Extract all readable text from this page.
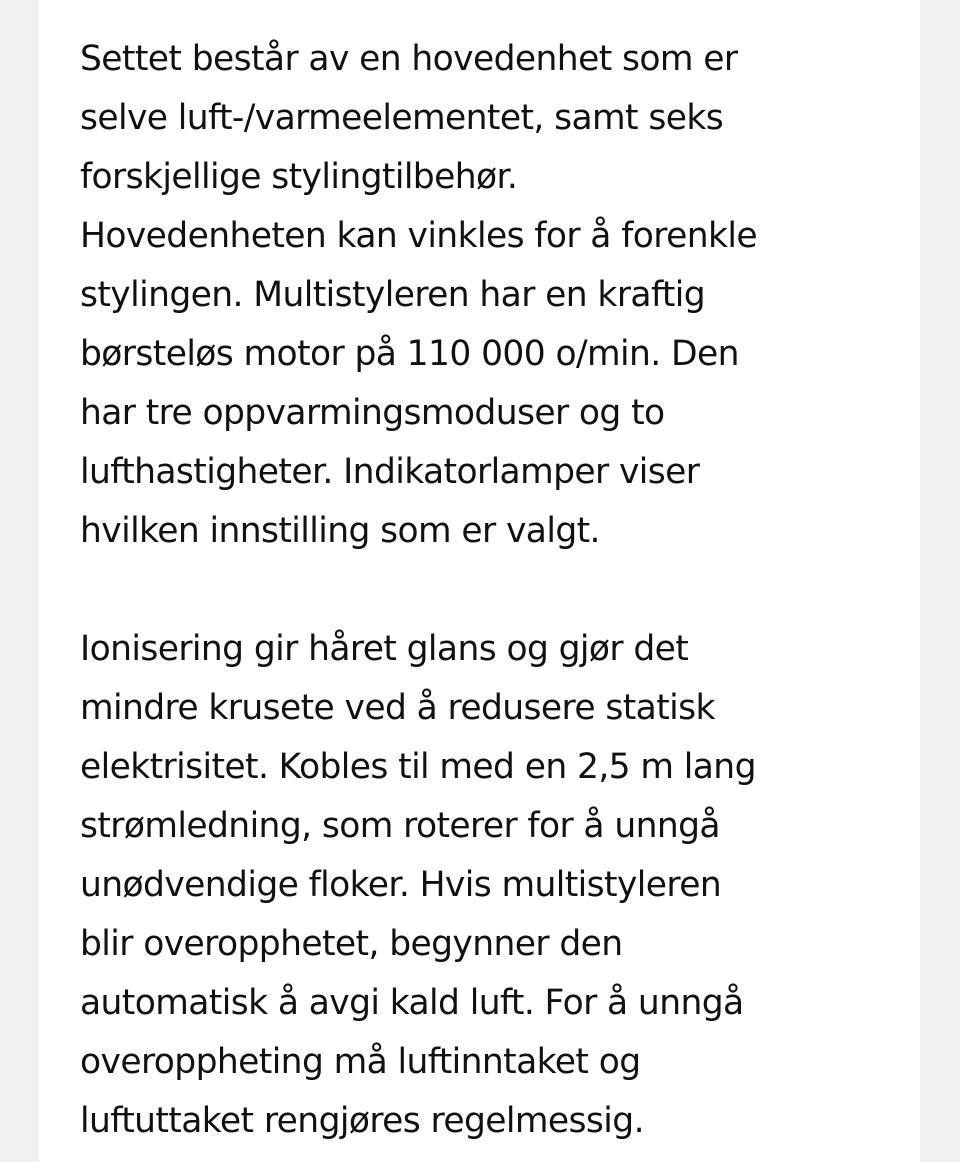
Settet består av en hovedenhet som er
selve luft-/varmeelementet, samt seks
forskjellige stylingtilbehør.
Hovedenheten kan vinkles for å forenkle
stylingen. Multistyleren har en kraftig
børsteløs motor på 110 000 o/min. Den
har tre oppvarmingsmoduser og to
lufthastigheter. Indikatorlamper viser
hvilken innstilling som er valgt.
Ionisering gir håret glans og gjør det
mindre krusete ved å redusere statisk
elektrisitet. Kobles til med en 2,5 m lang
strømledning, som roterer for å unngå
unødvendige floker. Hvis multistyleren
blir overopphetet, begynner den
automatisk å avgi kald luft. For å unngå
overoppheting må luftinntaket og
luftuttaket rengjøres regelmessig.
